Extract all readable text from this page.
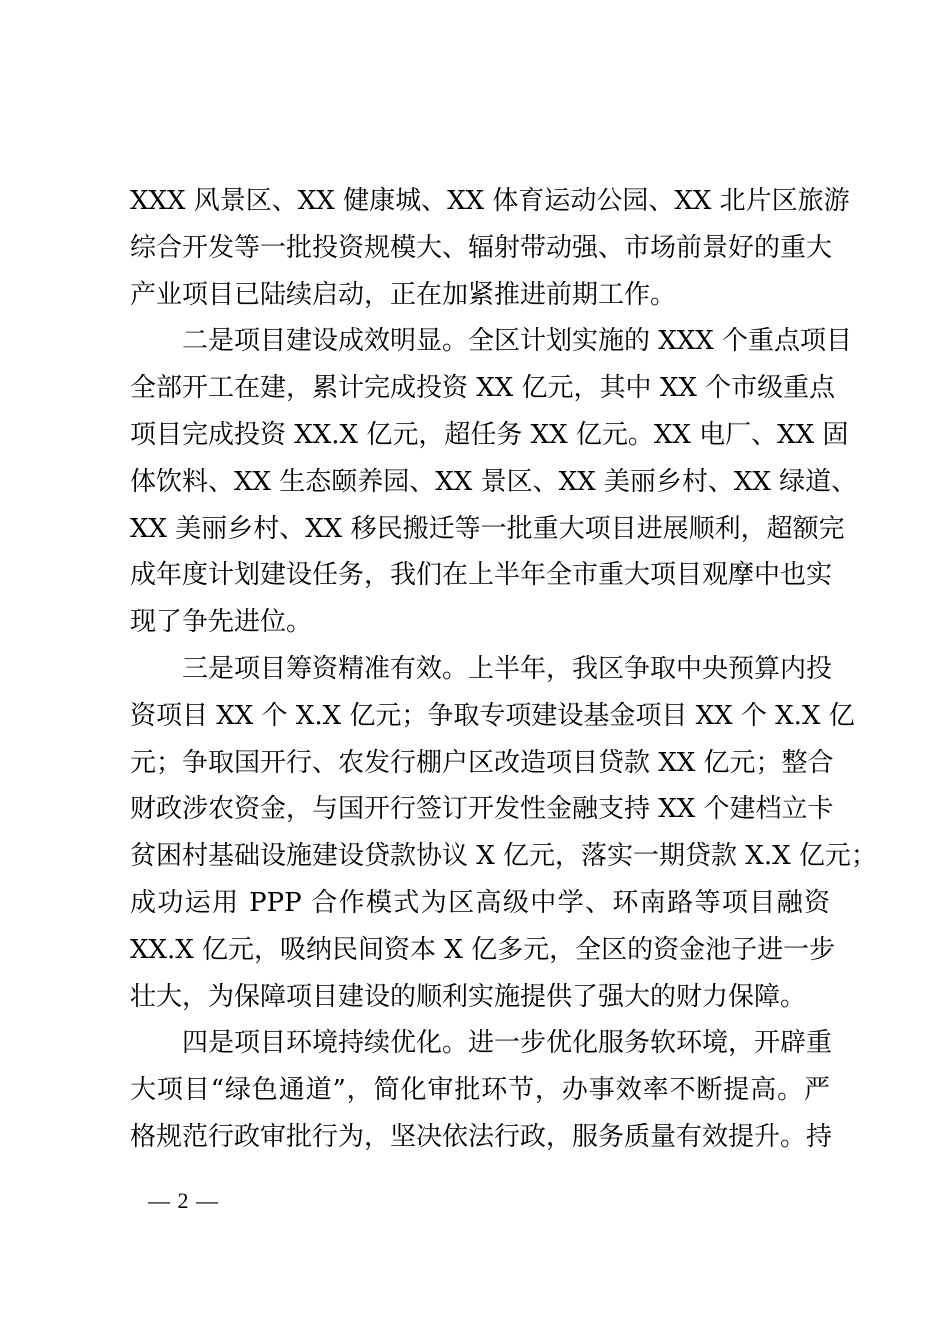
XXX 风景区、XX 健康城、XX 体育运动公园、XX 北片区旅游
综合开发等一批投资规模大、辐射带动强、市场前景好的重大
产业项目已陆续启动，正在加紧推进前期工作。
二是项目建设成效明显。全区计划实施的 XXX 个重点项目
全部开工在建，累计完成投资 XX 亿元，其中 XX 个市级重点
项目完成投资 XX.X 亿元，超任务 XX 亿元。XX 电厂、XX 固
体饮料、XX 生态颐养园、XX 景区、XX 美丽乡村、XX 绿道、
XX 美丽乡村、XX 移民搬迁等一批重大项目进展顺利，超额完
成年度计划建设任务，我们在上半年全市重大项目观摩中也实
现了争先进位。
三是项目筹资精准有效。上半年，我区争取中央预算内投
资项目 XX 个 X.X 亿元；争取专项建设基金项目 XX 个 X.X 亿
元；争取国开行、农发行棚户区改造项目贷款 XX 亿元；整合
财政涉农资金，与国开行签订开发性金融支持 XX 个建档立卡
贫困村基础设施建设贷款协议 X 亿元，落实一期贷款 X.X 亿元；
成功运用 PPP 合作模式为区高级中学、环南路等项目融资
XX.X 亿元，吸纳民间资本 X 亿多元，全区的资金池子进一步
壮大，为保障项目建设的顺利实施提供了强大的财力保障。
四是项目环境持续优化。进一步优化服务软环境，开辟重
大项目“绿色通道”，简化审批环节，办事效率不断提高。严
格规范行政审批行为，坚决依法行政，服务质量有效提升。持
— 2 —
